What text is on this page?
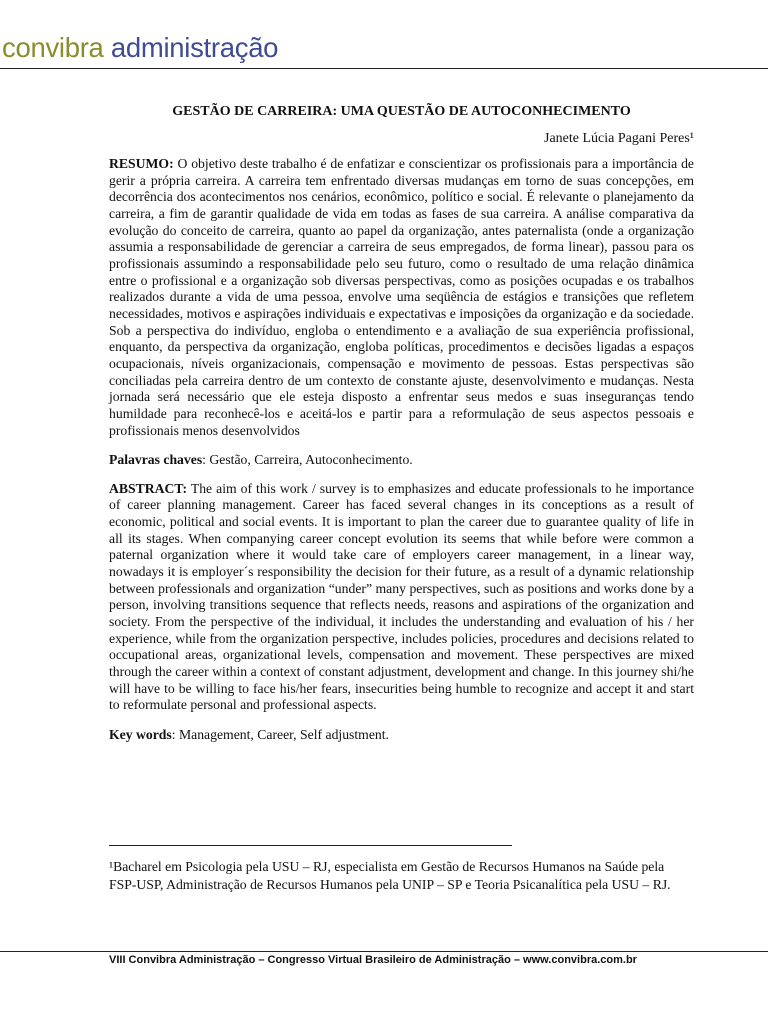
convibra administração
GESTÃO DE CARREIRA: UMA QUESTÃO DE AUTOCONHECIMENTO

Janete Lúcia Pagani Peres¹

RESUMO: O objetivo deste trabalho é de enfatizar e conscientizar os profissionais para a importância de gerir a própria carreira. A carreira tem enfrentado diversas mudanças em torno de suas concepções, em decorrência dos acontecimentos nos cenários, econômico, político e social. É relevante o planejamento da carreira, a fim de garantir qualidade de vida em todas as fases de sua carreira. A análise comparativa da evolução do conceito de carreira, quanto ao papel da organização, antes paternalista (onde a organização assumia a responsabilidade de gerenciar a carreira de seus empregados, de forma linear), passou para os profissionais assumindo a responsabilidade pelo seu futuro, como o resultado de uma relação dinâmica entre o profissional e a organização sob diversas perspectivas, como as posições ocupadas e os trabalhos realizados durante a vida de uma pessoa, envolve uma seqüência de estágios e transições que refletem necessidades, motivos e aspirações individuais e expectativas e imposições da organização e da sociedade. Sob a perspectiva do indivíduo, engloba o entendimento e a avaliação de sua experiência profissional, enquanto, da perspectiva da organização, engloba políticas, procedimentos e decisões ligadas a espaços ocupacionais, níveis organizacionais, compensação e movimento de pessoas. Estas perspectivas são conciliadas pela carreira dentro de um contexto de constante ajuste, desenvolvimento e mudanças. Nesta jornada será necessário que ele esteja disposto a enfrentar seus medos e suas inseguranças tendo humildade para reconhecê-los e aceitá-los e partir para a reformulação de seus aspectos pessoais e profissionais menos desenvolvidos

Palavras chaves: Gestão, Carreira, Autoconhecimento.

ABSTRACT: The aim of this work / survey is to emphasizes and educate professionals to he importance of career planning management. Career has faced several changes in its conceptions as a result of economic, political and social events. It is important to plan the career due to guarantee quality of life in all its stages. When companying career concept evolution its seems that while before were common a paternal organization where it would take care of employers career management, in a linear way, nowadays it is employer´s responsibility the decision for their future, as a result of a dynamic relationship between professionals and organization “under” many perspectives, such as positions and works done by a person, involving transitions sequence that reflects needs, reasons and aspirations of the organization and society. From the perspective of the individual, it includes the understanding and evaluation of his / her experience, while from the organization perspective, includes policies, procedures and decisions related to occupational areas, organizational levels, compensation and movement. These perspectives are mixed through the career within a context of constant adjustment, development and change. In this journey shi/he will have to be willing to face his/her fears, insecurities being humble to recognize and accept it and start to reformulate personal and professional aspects.

Key words: Management, Career, Self adjustment.

¹Bacharel em Psicologia pela USU – RJ, especialista em Gestão de Recursos Humanos na Saúde pela FSP-USP, Administração de Recursos Humanos pela UNIP – SP e Teoria Psicanalítica pela USU – RJ.
VIII Convibra Administração – Congresso Virtual Brasileiro de Administração – www.convibra.com.br
